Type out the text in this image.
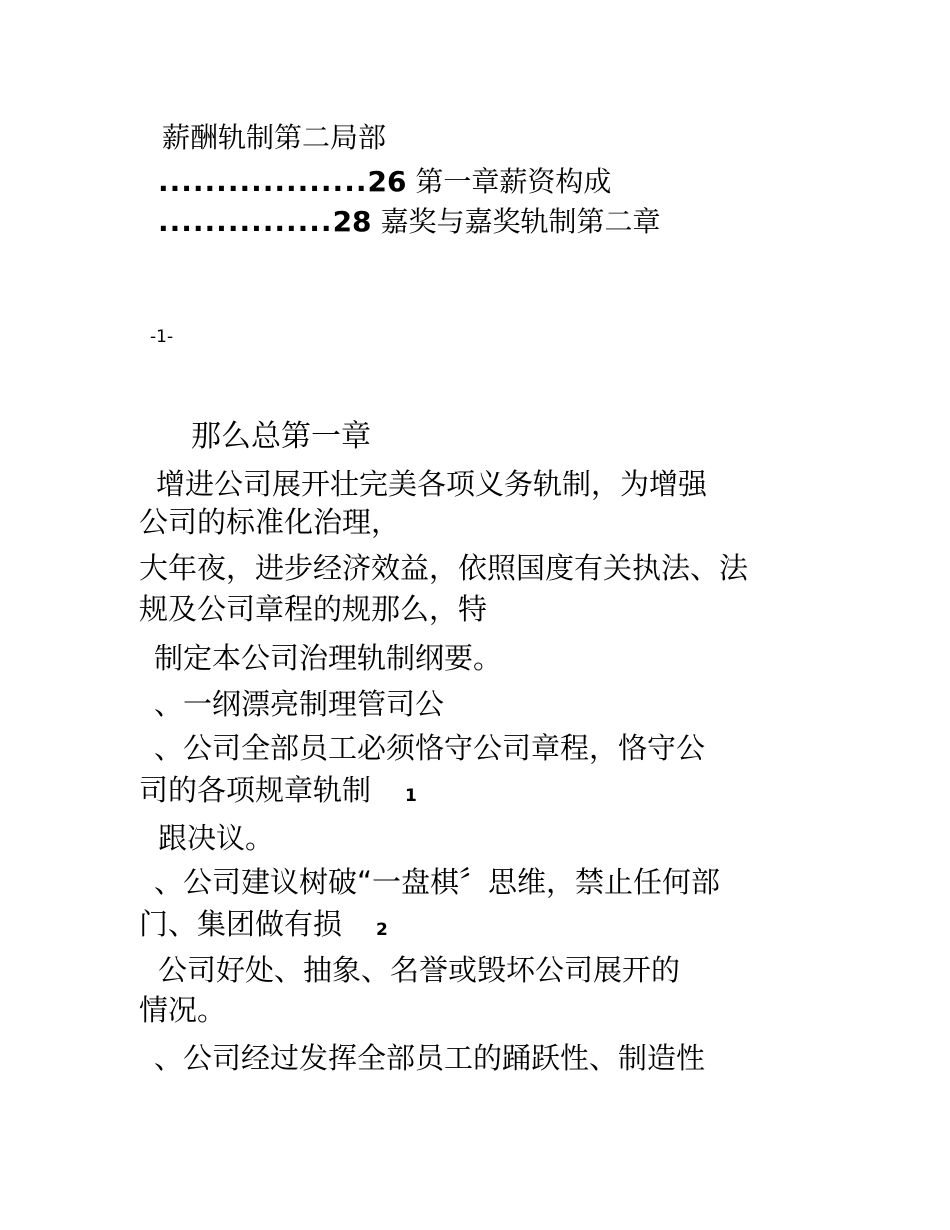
薪酬轨制第二局部
..................26 第一章薪资构成
...............28 嘉奖与嘉奖轨制第二章
-1-
那么总第一章
增进公司展开壮完美各项义务轨制，为增强
公司的标准化治理，
大年夜，进步经济效益，依照国度有关执法、法
规及公司章程的规那么，特
制定本公司治理轨制纲要。
、一纲漂亮制理管司公
、公司全部员工必须恪守公司章程，恪守公
司的各项规章轨制 1
跟决议。
、公司建议树破“一盘棋〞思维，禁止任何部
门、集团做有损 2
公司好处、抽象、名誉或毁坏公司展开的
情况。
、公司经过发挥全部员工的踊跃性、制造性
